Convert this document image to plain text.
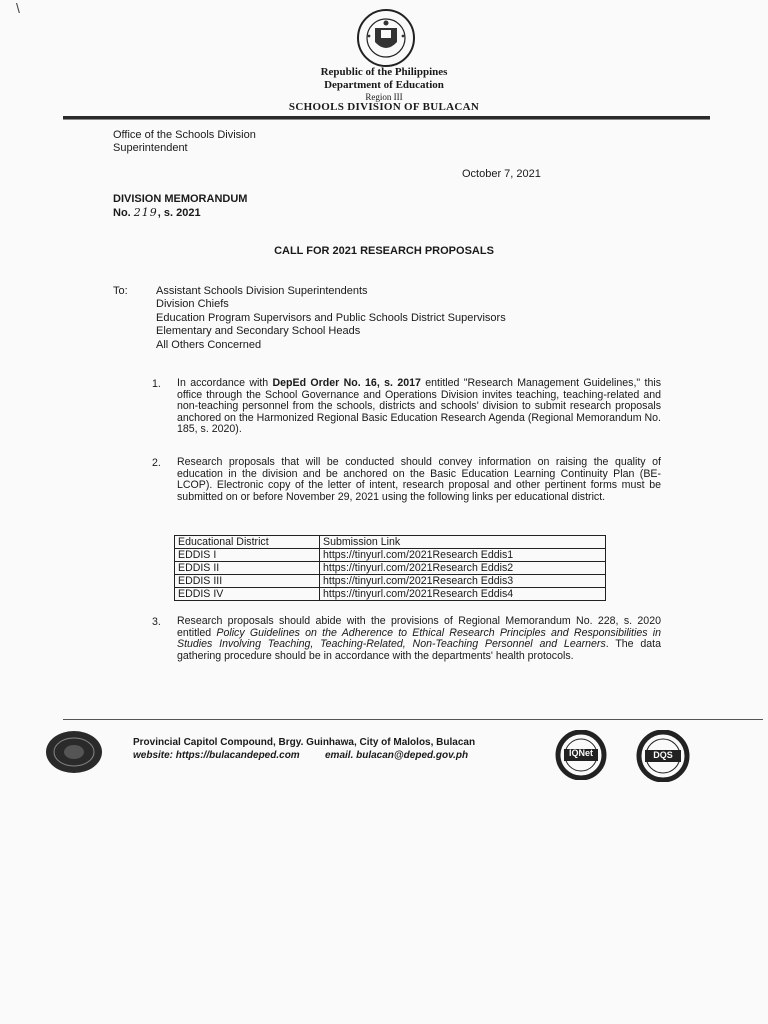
\
Republic of the Philippines
Department of Education
Region III
SCHOOLS DIVISION OF BULACAN
Office of the Schools Division
Superintendent
October 7, 2021
DIVISION MEMORANDUM
No. 219, s. 2021
CALL FOR 2021 RESEARCH PROPOSALS
To:	Assistant Schools Division Superintendents
Division Chiefs
Education Program Supervisors and Public Schools District Supervisors
Elementary and Secondary School Heads
All Others Concerned
1. In accordance with DepEd Order No. 16, s. 2017 entitled "Research Management Guidelines," this office through the School Governance and Operations Division invites teaching, teaching-related and non-teaching personnel from the schools, districts and schools' division to submit research proposals anchored on the Harmonized Regional Basic Education Research Agenda (Regional Memorandum No. 185, s. 2020).
2. Research proposals that will be conducted should convey information on raising the quality of education in the division and be anchored on the Basic Education Learning Continuity Plan (BE-LCOP). Electronic copy of the letter of intent, research proposal and other pertinent forms must be submitted on or before November 29, 2021 using the following links per educational district.
Educational District	Submission Link
EDDIS I	https://tinyurl.com/2021Research Eddis1
EDDIS II	https://tinyurl.com/2021Research Eddis2
EDDIS III	https://tinyurl.com/2021Research Eddis3
EDDIS IV	https://tinyurl.com/2021Research Eddis4
3. Research proposals should abide with the provisions of Regional Memorandum No. 228, s. 2020 entitled Policy Guidelines on the Adherence to Ethical Research Principles and Responsibilities in Studies Involving Teaching, Teaching-Related, Non-Teaching Personnel and Learners. The data gathering procedure should be in accordance with the departments' health protocols.
Provincial Capitol Compound, Brgy. Guinhawa, City of Malolos, Bulacan
website: https://bulacandeped.com	email. bulacan@deped.gov.ph	IQNet	DQS
